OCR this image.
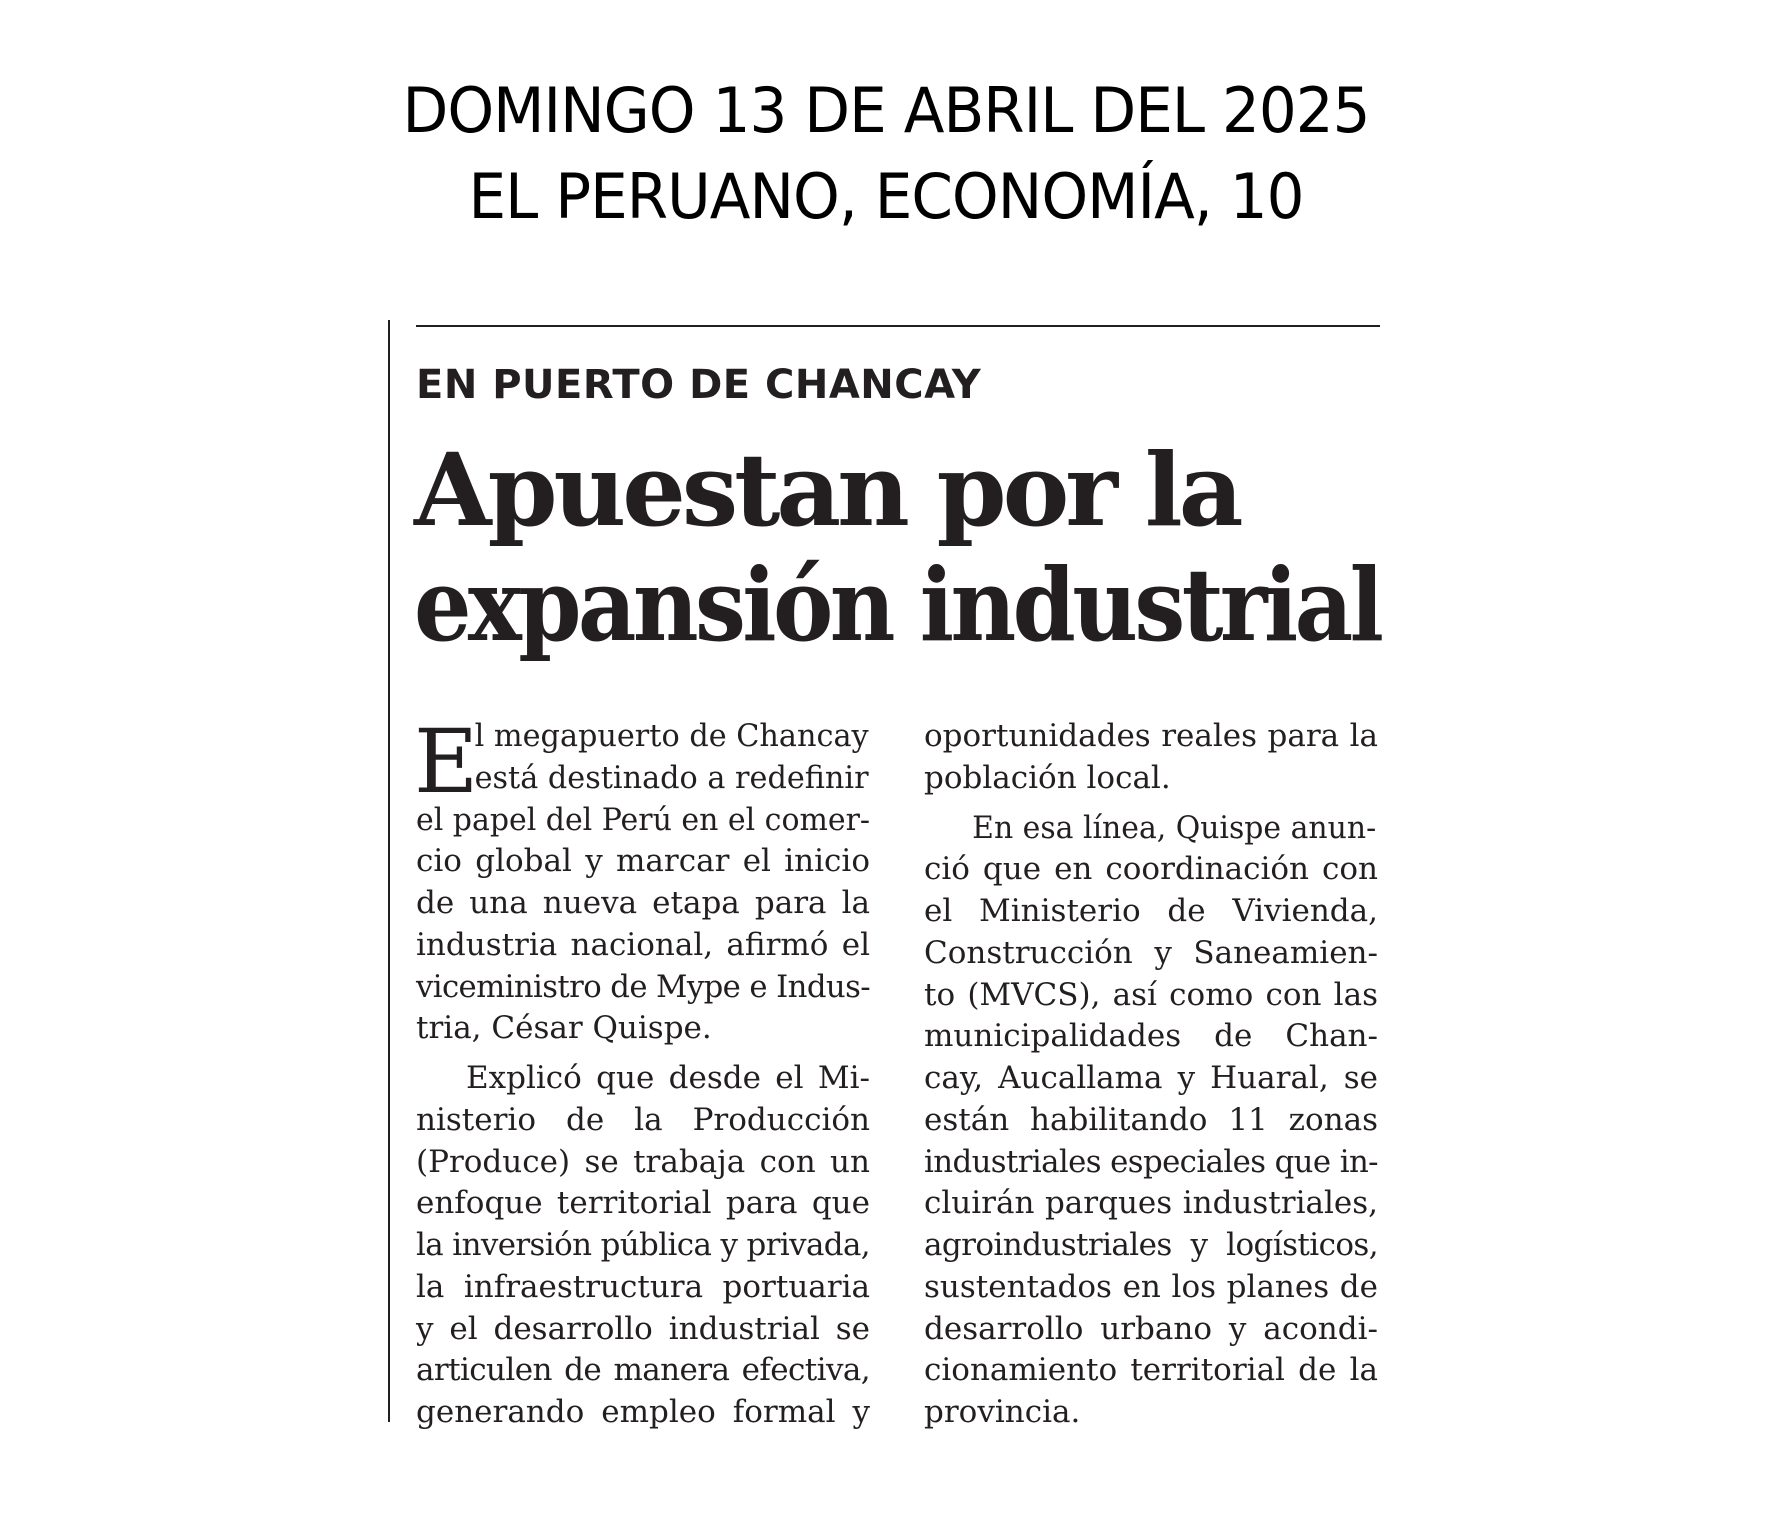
DOMINGO 13 DE ABRIL DEL 2025
EL PERUANO, ECONOMÍA, 10
EN PUERTO DE CHANCAY
Apuestan por la
expansión industrial
E
l megapuerto de Chancay
está destinado a redefinir
el papel del Perú en el comer-
cio global y marcar el inicio
de una nueva etapa para la
industria nacional, afirmó el
viceministro de Mype e Indus-
tria, César Quispe.
Explicó que desde el Mi-
nisterio de la Producción
(Produce) se trabaja con un
enfoque territorial para que
la inversión pública y privada,
la infraestructura portuaria
y el desarrollo industrial se
articulen de manera efectiva,
generando empleo formal y
oportunidades reales para la
población local.
En esa línea, Quispe anun-
ció que en coordinación con
el Ministerio de Vivienda,
Construcción y Saneamien-
to (MVCS), así como con las
municipalidades de Chan-
cay, Aucallama y Huaral, se
están habilitando 11 zonas
industriales especiales que in-
cluirán parques industriales,
agroindustriales y logísticos,
sustentados en los planes de
desarrollo urbano y acondi-
cionamiento territorial de la
provincia.
